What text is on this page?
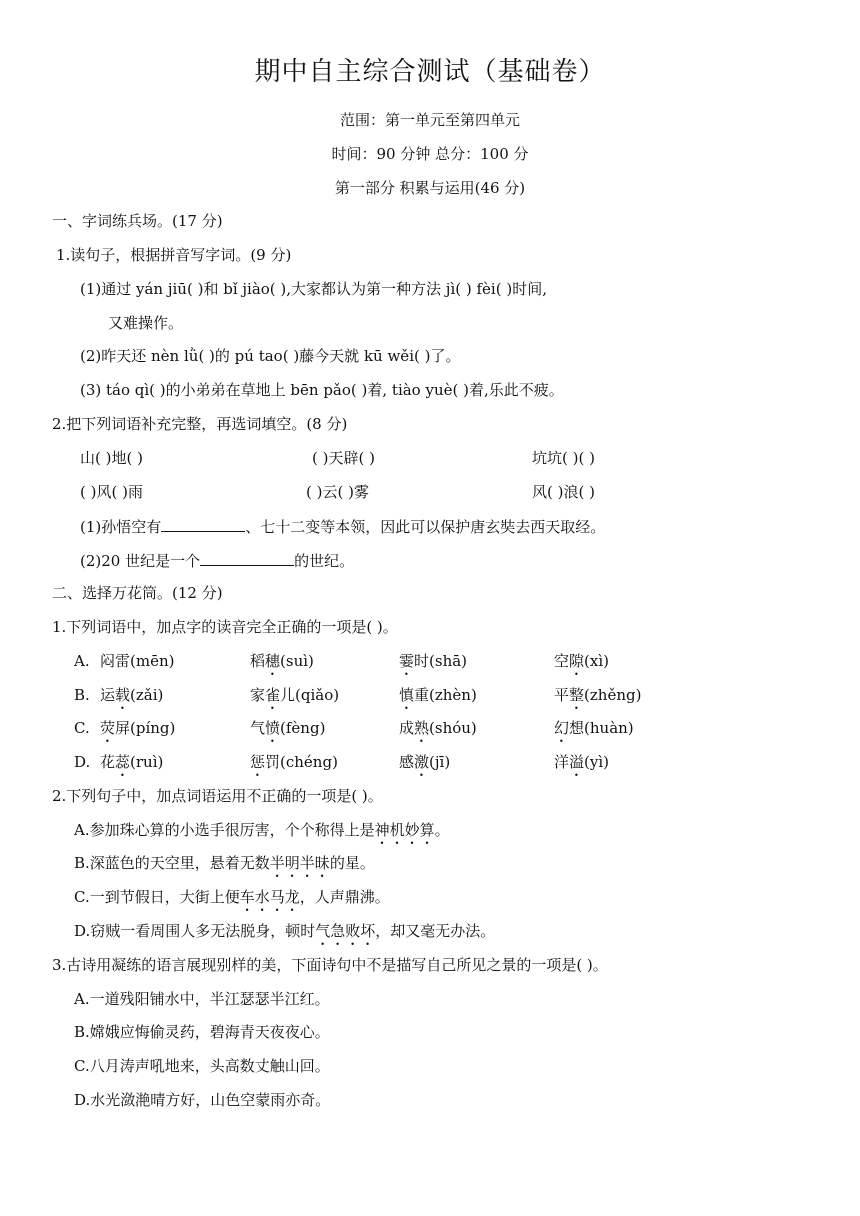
期中自主综合测试（基础卷）
范围：第一单元至第四单元
时间：90 分钟 总分：100 分
第一部分 积累与运用(46 分)
一、字词练兵场。(17 分)
1.读句子，根据拼音写字词。(9 分)
(1)通过 yán jiū( )和 bǐ jiào( ),大家都认为第一种方法 jì( ) fèi( )时间,
又难操作。
(2)昨天还 nèn lǜ( )的 pú tao( )藤今天就 kū wěi( )了。
(3) táo qì( )的小弟弟在草地上 bēn pǎo( )着, tiào yuè( )着,乐此不疲。
2.把下列词语补充完整，再选词填空。(8 分)
山( )地( )	( )天辟( )	坑坑( )( )
( )风( )雨	( )云( )雾	风( )浪( )
(1)孙悟空有	、七十二变等本领，因此可以保护唐玄奘去西天取经。
(2)20 世纪是一个	的世纪。
二、选择万花筒。(12 分)
1.下列词语中，加点字的读音完全正确的一项是( )。
A. 闷雷(mēn)	稻穗(suì)	霎时(shā)	空隙(xì)
B. 运载(zǎi)	家雀儿(qiǎo)	慎重(zhèn)	平整(zhěng)
C. 荧屏(píng)	气愤(fèng)	成熟(shóu)	幻想(huàn)
D. 花蕊(ruì)	惩罚(chéng)	感激(jī)	洋溢(yì)
2.下列句子中，加点词语运用不正确的一项是( )。
A.参加珠心算的小选手很厉害，个个称得上是神机妙算。
B.深蓝色的天空里，悬着无数半明半昧的星。
C.一到节假日，大街上便车水马龙，人声鼎沸。
D.窃贼一看周围人多无法脱身，顿时气急败坏，却又毫无办法。
3.古诗用凝练的语言展现别样的美，下面诗句中不是描写自己所见之景的一项是( )。
A.一道残阳铺水中，半江瑟瑟半江红。
B.嫦娥应悔偷灵药，碧海青天夜夜心。
C.八月涛声吼地来，头高数丈触山回。
D.水光潋滟晴方好，山色空蒙雨亦奇。
